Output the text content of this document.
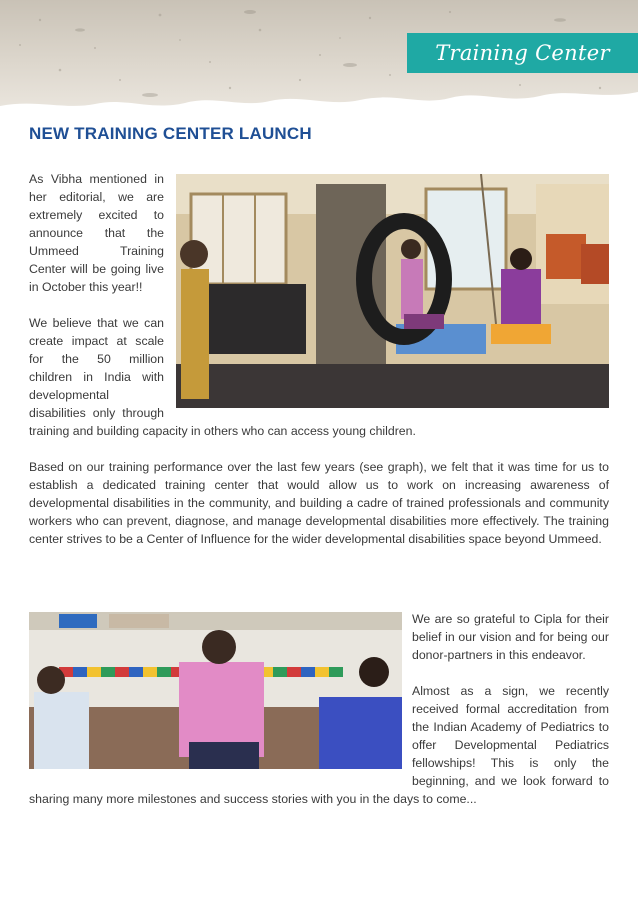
Training Center
NEW TRAINING CENTER LAUNCH

As Vibha mentioned in her editorial, we are extremely excited to announce that the Ummeed Training Center will be going live in October this year!!

We believe that we can create impact at scale for the 50 million children in India with developmental disabilities only through training and building capacity in others who can access young children.

Based on our training performance over the last few years (see graph), we felt that it was time for us to establish a dedicated training center that would allow us to work on increasing awareness of developmental disabilities in the community, and building a cadre of trained professionals and community workers who can prevent, diagnose, and manage developmental disabilities more effectively. The training center strives to be a Center of Influence for the wider developmental disabilities space beyond Ummeed.

We are so grateful to Cipla for their belief in our vision and for being our donor-partners in this endeavor.

Almost as a sign, we recently received formal accreditation from the Indian Academy of Pediatrics to offer Developmental Pediatrics fellowships! This is only the beginning, and we look forward to sharing many more milestones and success stories with you in the days to come...
